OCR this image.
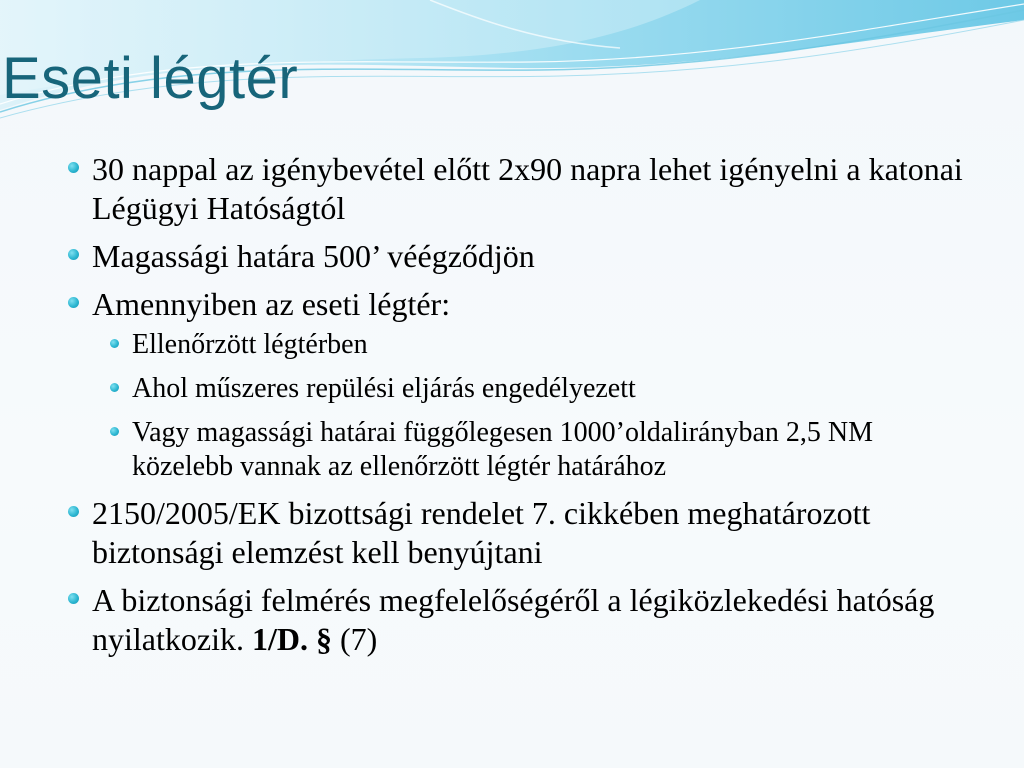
Eseti légtér
30 nappal az igénybevétel előtt 2x90 napra lehet igényelni a katonai Légügyi Hatóságtól
Magassági határa 500’ véégződjön
Amennyiben az eseti légtér:
Ellenőrzött légtérben
Ahol műszeres repülési eljárás engedélyezett
Vagy magassági határai függőlegesen 1000’oldalirányban 2,5 NM közelebb vannak az ellenőrzött légtér határához
2150/2005/EK bizottsági rendelet 7. cikkében meghatározott biztonsági elemzést kell benyújtani
A biztonsági felmérés megfelelőségéről a légiközlekedési hatóság nyilatkozik. 1/D. § (7)
